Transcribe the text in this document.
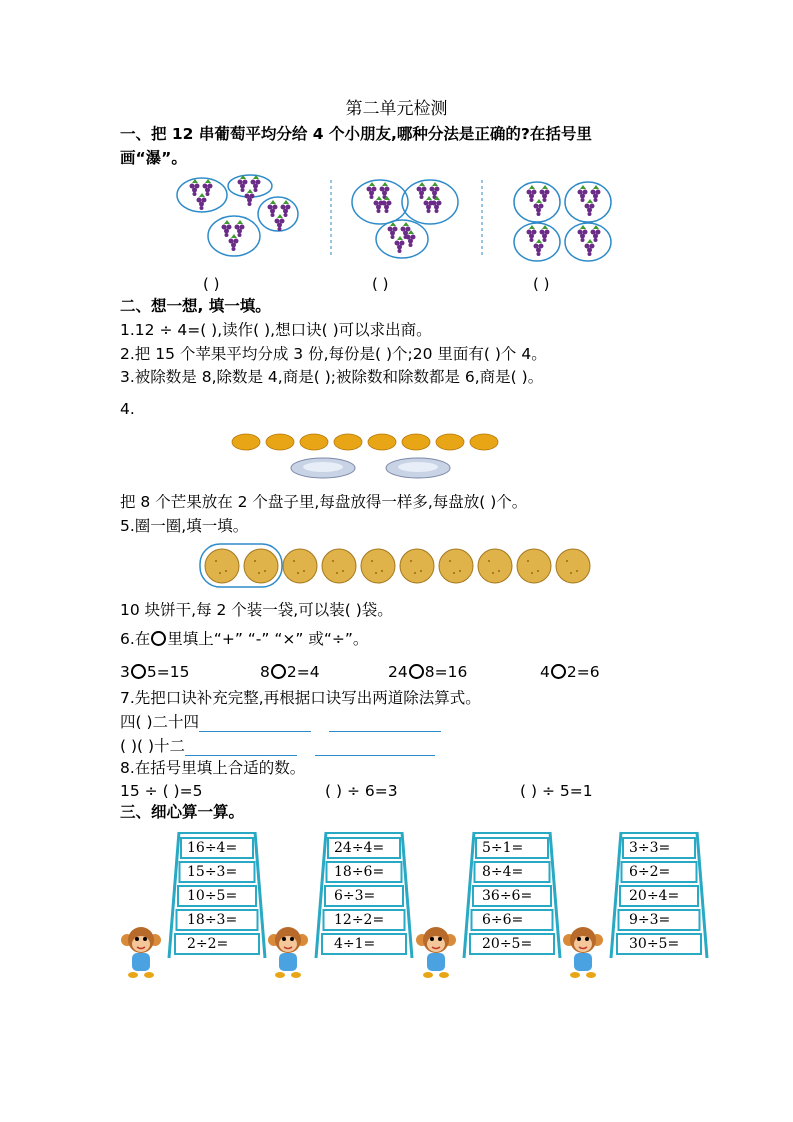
第二单元检测
一、把 12 串葡萄平均分给 4 个小朋友,哪种分法是正确的?在括号里
画“瀑”。
( )	( )	( )
二、想一想, 填一填。
1.12 ÷ 4=( ),读作( ),想口诀( )可以求出商。
2.把 15 个苹果平均分成 3 份,每份是( )个;20 里面有( )个 4。
3.被除数是 8,除数是 4,商是( );被除数和除数都是 6,商是( )。
4.
把 8 个芒果放在 2 个盘子里,每盘放得一样多,每盘放( )个。
5.圈一圈,填一填。
10 块饼干,每 2 个装一袋,可以装( )袋。
6.在 里填上“+” “-” “×” 或“÷”。
3 5=15	8 2=4	24 8=16	4 2=6
7.先把口诀补充完整,再根据口诀写出两道除法算式。
四( )二十四
( )( )十二
8.在括号里填上合适的数。
15 ÷ ( )=5	( ) ÷ 6=3	( ) ÷ 5=1
三、细心算一算。
16÷4=
15÷3=
10÷5=
18÷3=
2÷2=
24÷4=
18÷6=
6÷3=
12÷2=
4÷1=
5÷1=
8÷4=
36÷6=
6÷6=
20÷5=
3÷3=
6÷2=
20÷4=
9÷3=
30÷5=
